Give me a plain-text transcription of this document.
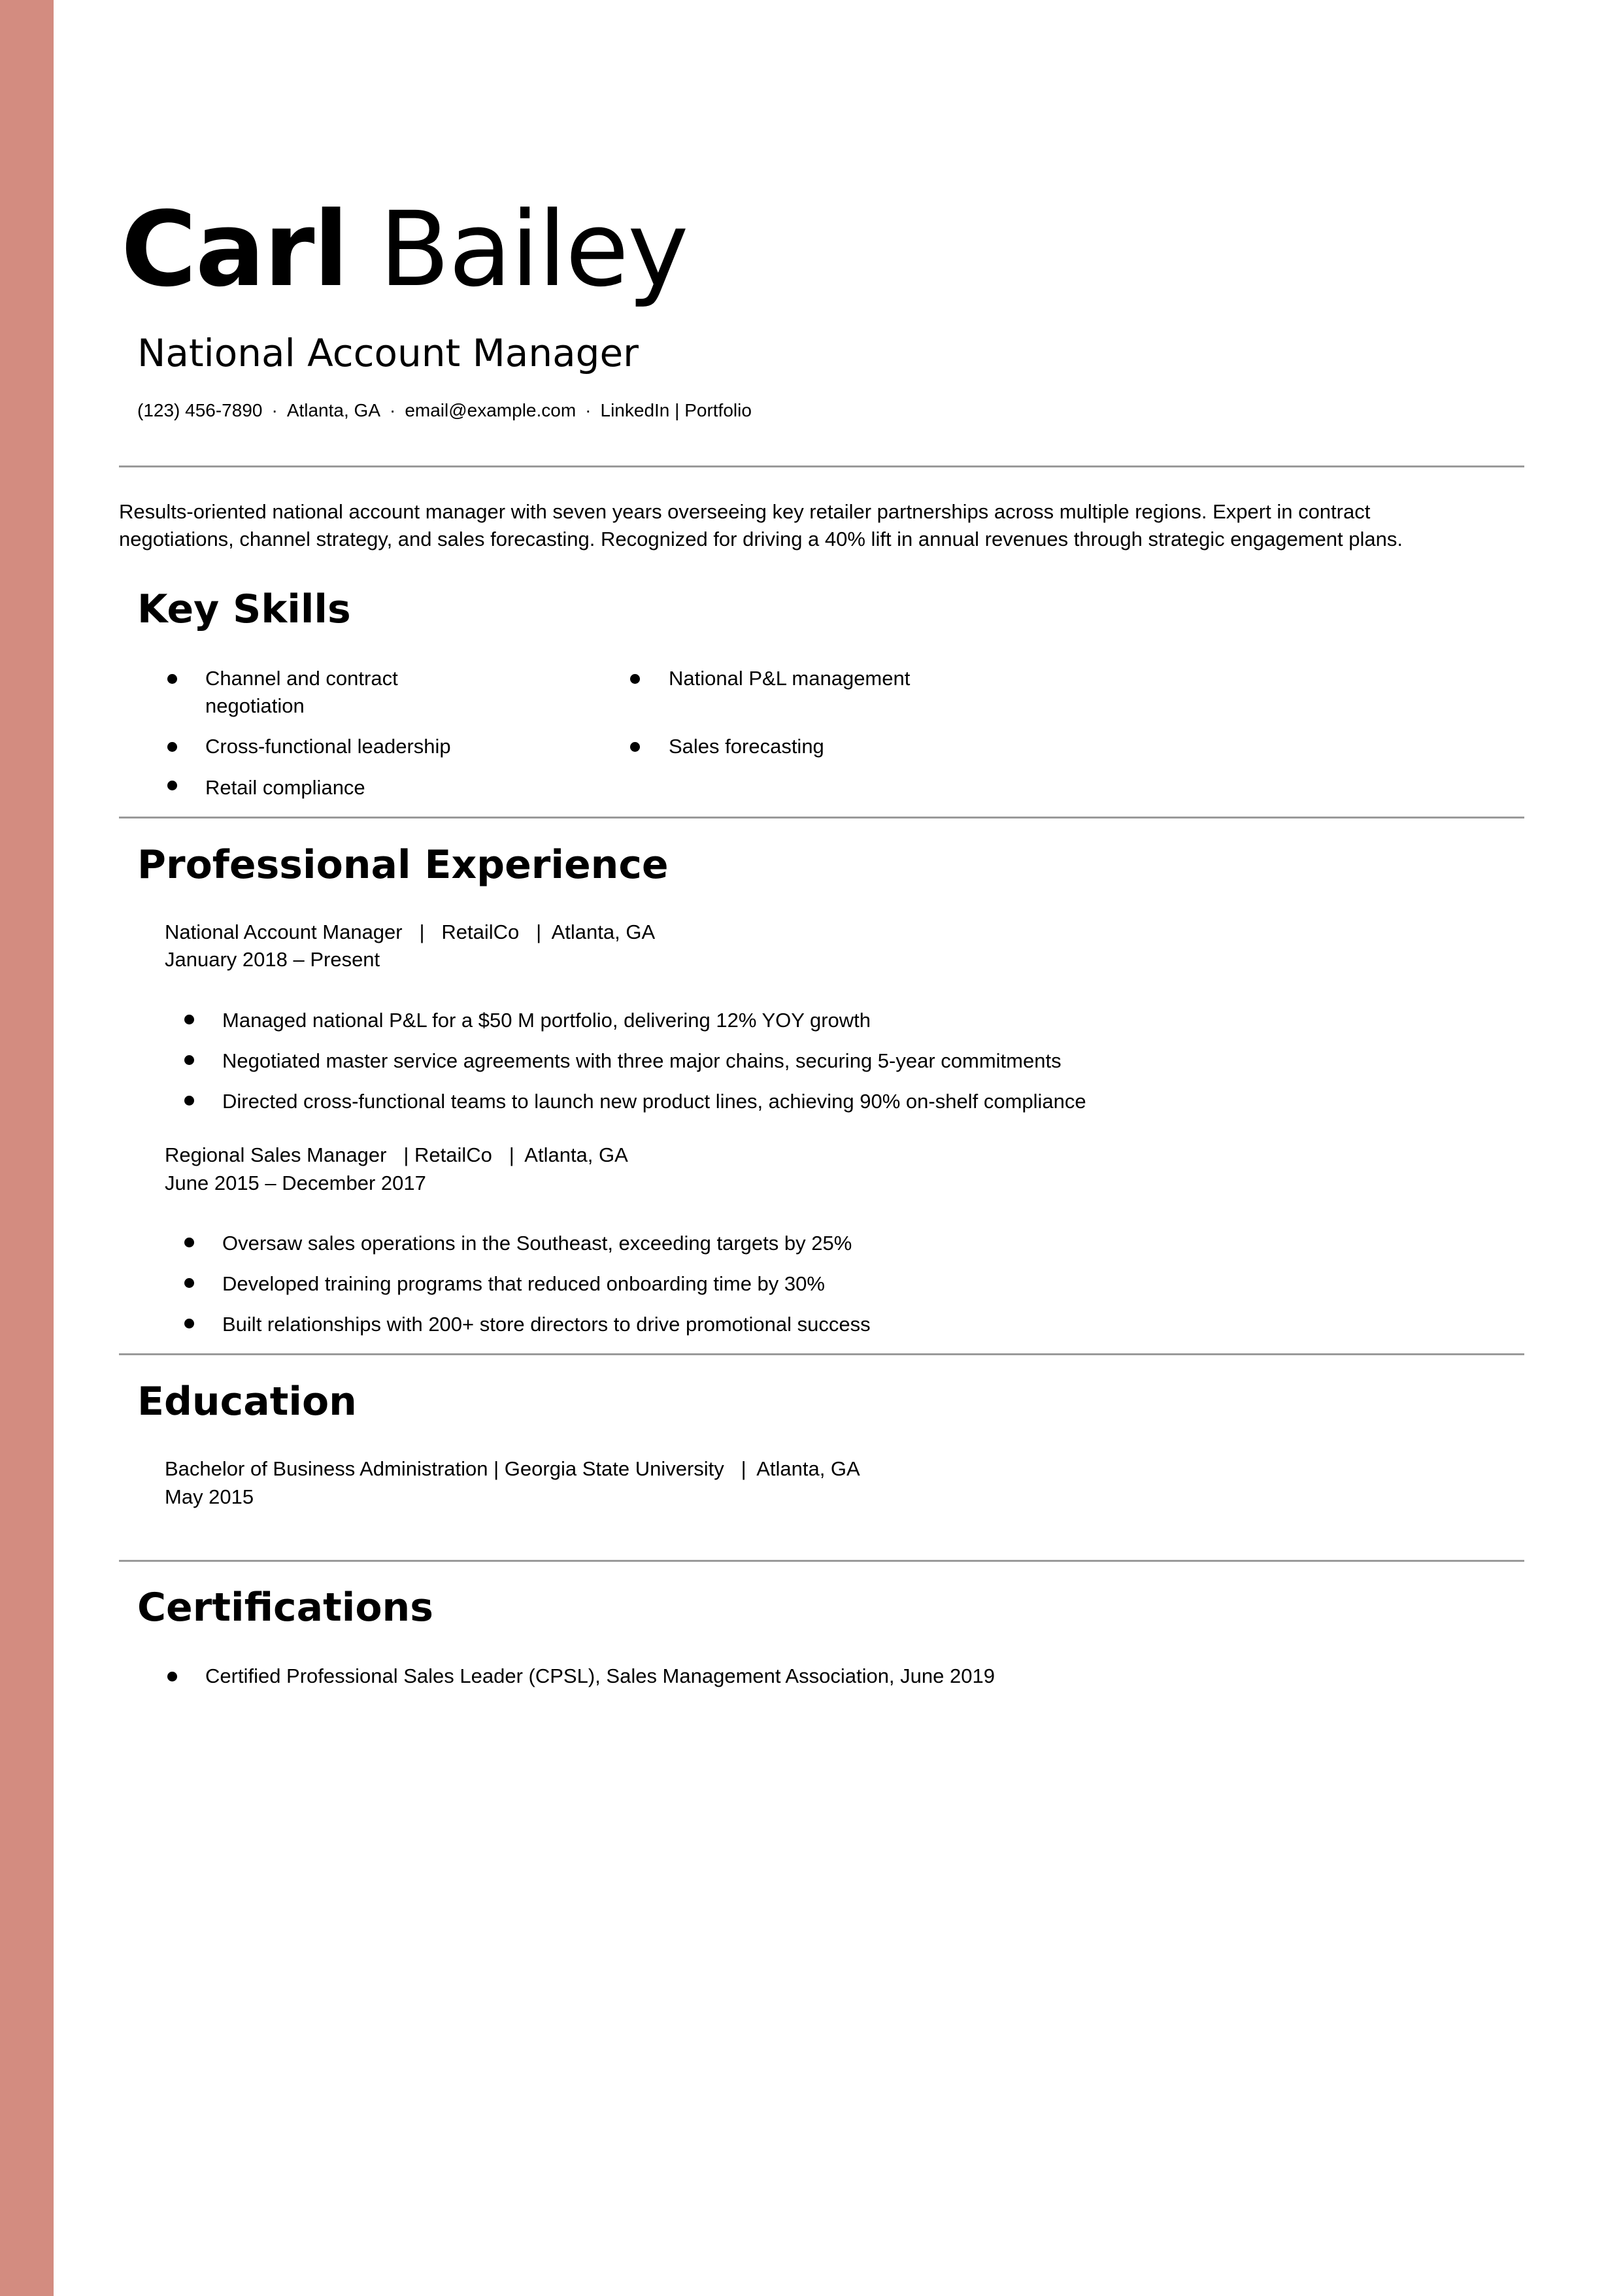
Carl Bailey
National Account Manager
(123) 456-7890 · Atlanta, GA · email@example.com · LinkedIn | Portfolio
Results-oriented national account manager with seven years overseeing key retailer partnerships across multiple regions. Expert in contract
negotiations, channel strategy, and sales forecasting. Recognized for driving a 40% lift in annual revenues through strategic engagement plans.
Key Skills
Channel and contract
negotiation
National P&L management
Cross-functional leadership	Sales forecasting
Retail compliance
Professional Experience
National Account Manager   |   RetailCo   |  Atlanta, GA
January 2018 – Present
Managed national P&L for a $50 M portfolio, delivering 12% YOY growth
Negotiated master service agreements with three major chains, securing 5-year commitments
Directed cross-functional teams to launch new product lines, achieving 90% on-shelf compliance
Regional Sales Manager   | RetailCo   |  Atlanta, GA
June 2015 – December 2017
Oversaw sales operations in the Southeast, exceeding targets by 25%
Developed training programs that reduced onboarding time by 30%
Built relationships with 200+ store directors to drive promotional success
Education
Bachelor of Business Administration | Georgia State University   |  Atlanta, GA
May 2015
Certifications
Certified Professional Sales Leader (CPSL), Sales Management Association, June 2019
